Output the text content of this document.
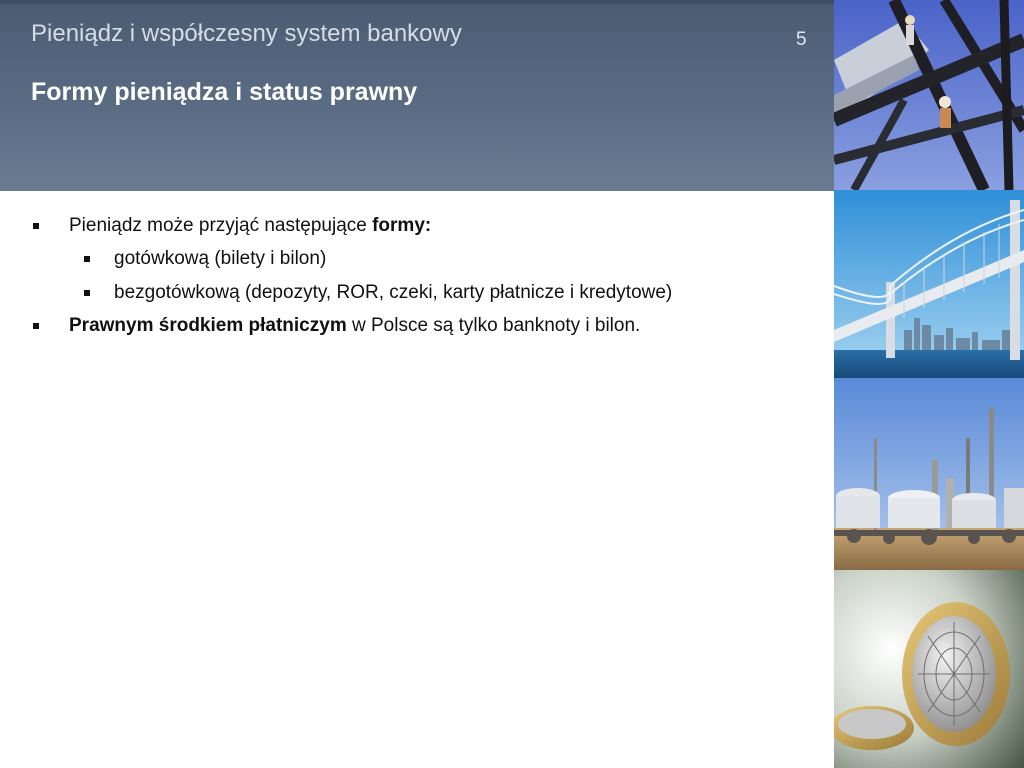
Pieniądz i współczesny system bankowy	5
Formy pieniądza i status prawny
Pieniądz może przyjąć następujące formy:
gotówkową (bilety i bilon)
bezgotówkową (depozyty, ROR, czeki, karty płatnicze i kredytowe)
Prawnym środkiem płatniczym w Polsce są tylko banknoty i bilon.
